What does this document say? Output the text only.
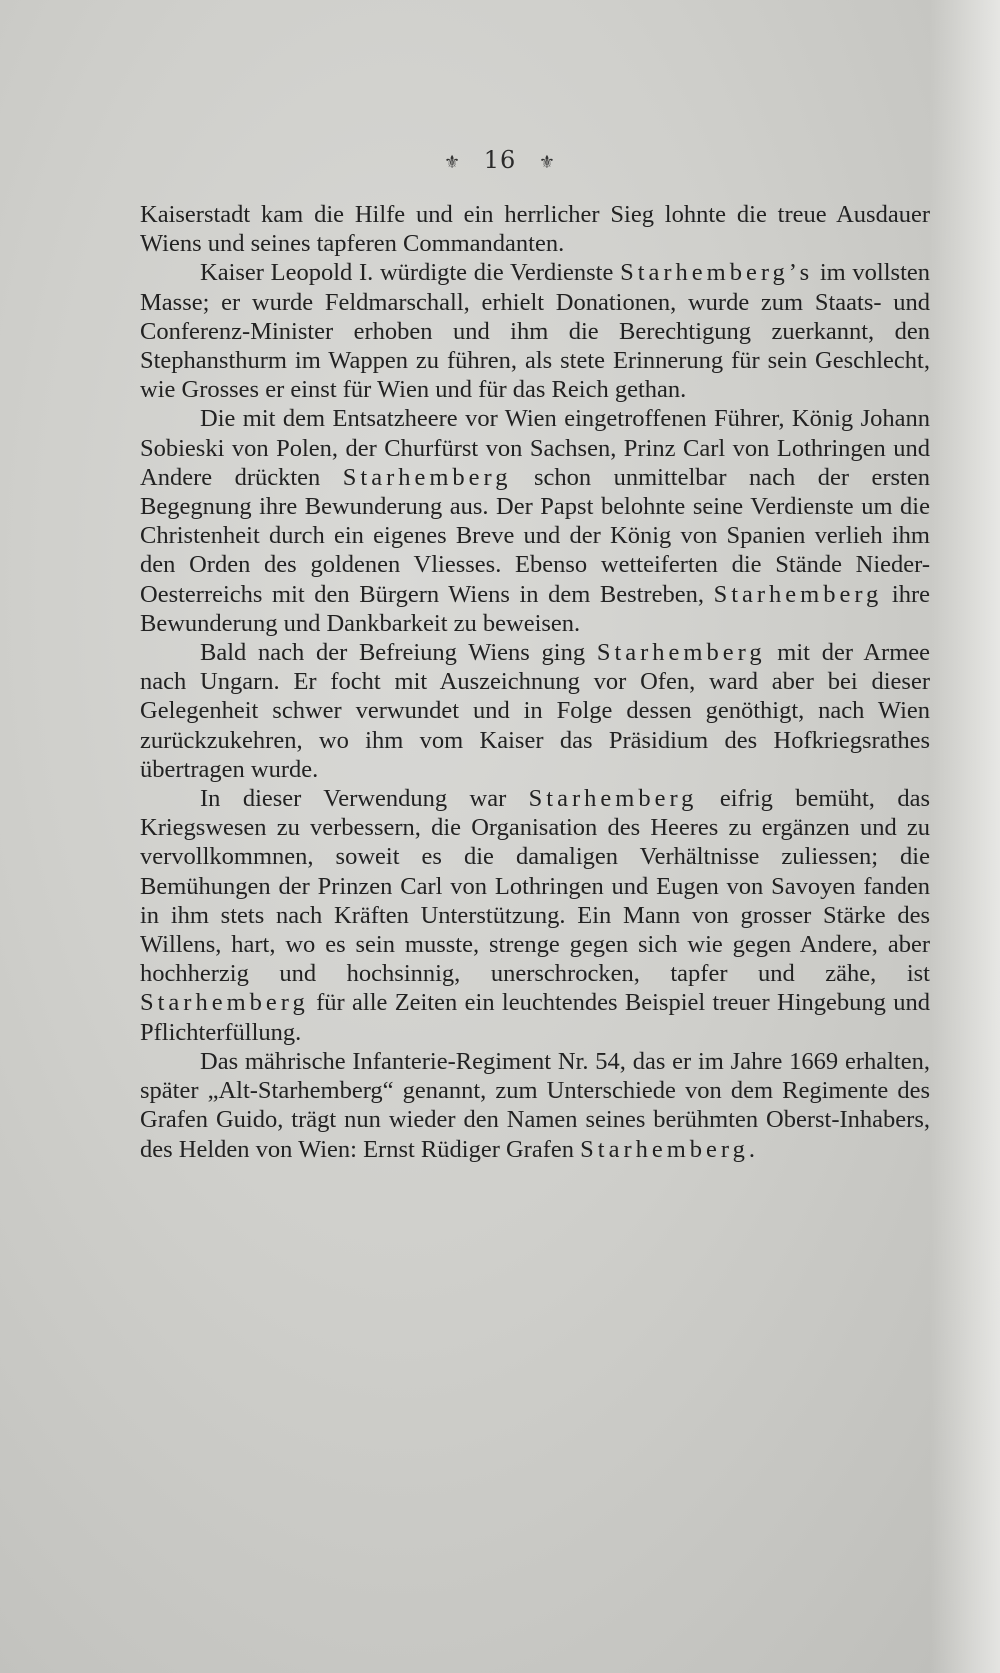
⚜ 16 ⚜

Kaiserstadt kam die Hilfe und ein herrlicher Sieg lohnte die treue Ausdauer Wiens und seines tapferen Commandanten.

Kaiser Leopold I. würdigte die Verdienste Starhemberg’s im vollsten Masse; er wurde Feldmarschall, erhielt Donationen, wurde zum Staats- und Conferenz-Minister erhoben und ihm die Berechtigung zuerkannt, den Stephansthurm im Wappen zu führen, als stete Erinnerung für sein Geschlecht, wie Grosses er einst für Wien und für das Reich gethan.

Die mit dem Entsatzheere vor Wien eingetroffenen Führer, König Johann Sobieski von Polen, der Churfürst von Sachsen, Prinz Carl von Lothringen und Andere drückten Starhemberg schon unmittelbar nach der ersten Begegnung ihre Bewunderung aus. Der Papst belohnte seine Verdienste um die Christenheit durch ein eigenes Breve und der König von Spanien verlieh ihm den Orden des goldenen Vliesses. Ebenso wetteiferten die Stände Nieder-Oesterreichs mit den Bürgern Wiens in dem Bestreben, Starhemberg ihre Bewunderung und Dankbarkeit zu beweisen.

Bald nach der Befreiung Wiens ging Starhemberg mit der Armee nach Ungarn. Er focht mit Auszeichnung vor Ofen, ward aber bei dieser Gelegenheit schwer verwundet und in Folge dessen genöthigt, nach Wien zurückzukehren, wo ihm vom Kaiser das Präsidium des Hofkriegsrathes übertragen wurde.

In dieser Verwendung war Starhemberg eifrig bemüht, das Kriegswesen zu verbessern, die Organisation des Heeres zu ergänzen und zu vervollkommnen, soweit es die damaligen Verhältnisse zuliessen; die Bemühungen der Prinzen Carl von Lothringen und Eugen von Savoyen fanden in ihm stets nach Kräften Unterstützung. Ein Mann von grosser Stärke des Willens, hart, wo es sein musste, strenge gegen sich wie gegen Andere, aber hochherzig und hochsinnig, unerschrocken, tapfer und zähe, ist Starhemberg für alle Zeiten ein leuchtendes Beispiel treuer Hingebung und Pflichterfüllung.

Das mährische Infanterie-Regiment Nr. 54, das er im Jahre 1669 erhalten, später „Alt-Starhemberg“ genannt, zum Unterschiede von dem Regimente des Grafen Guido, trägt nun wieder den Namen seines berühmten Oberst-Inhabers, des Helden von Wien: Ernst Rüdiger Grafen Starhemberg.
